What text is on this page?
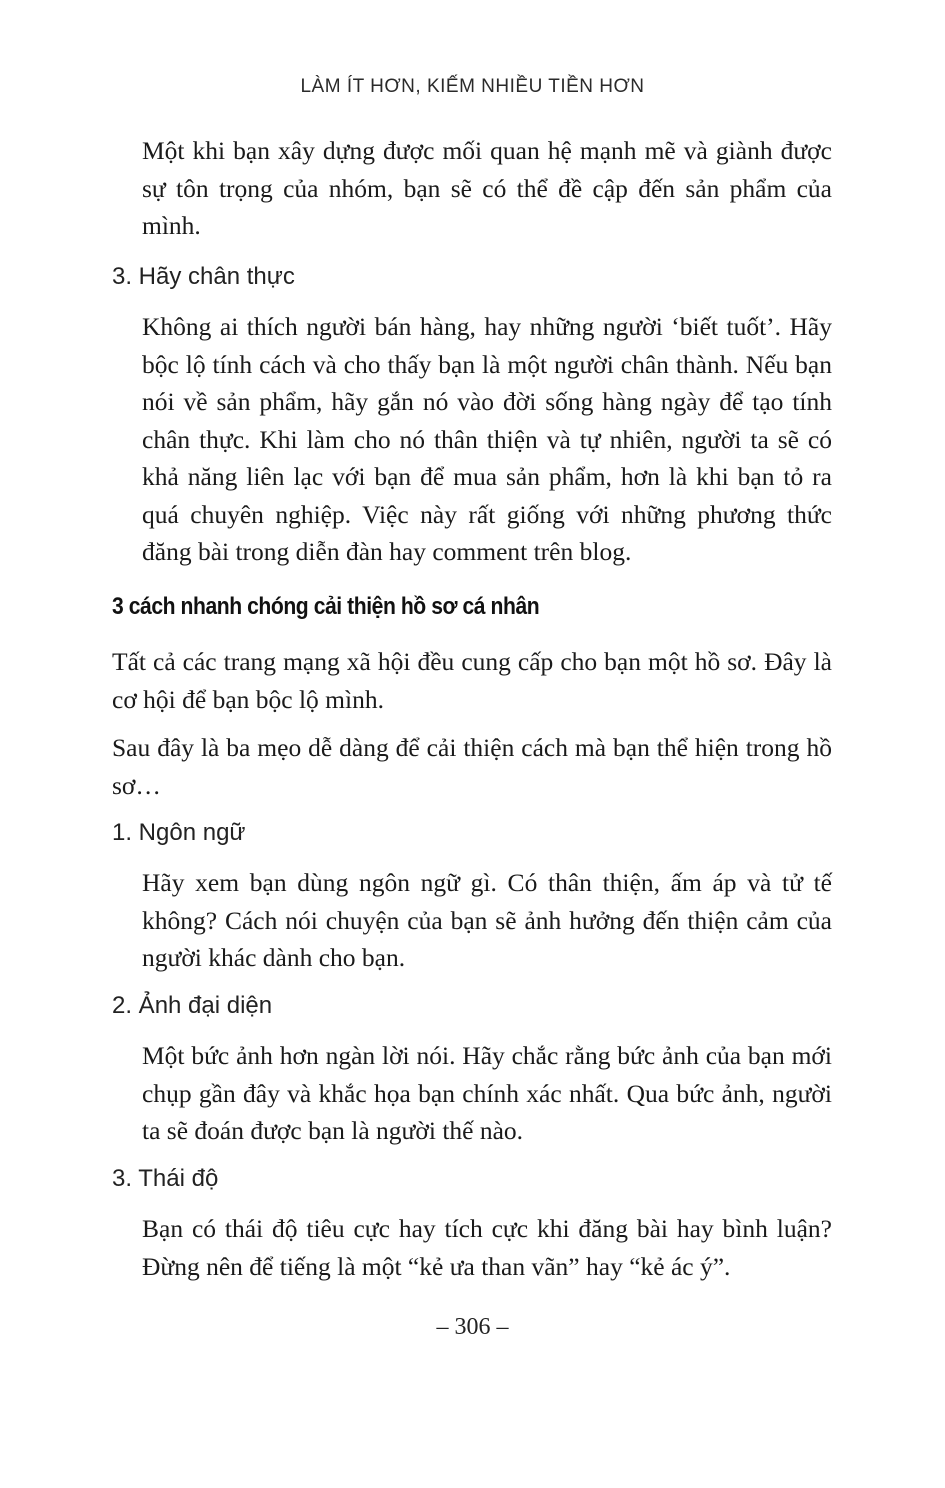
LÀM ÍT HƠN, KIẾM NHIỀU TIỀN HƠN

Một khi bạn xây dựng được mối quan hệ mạnh mẽ và giành được sự tôn trọng của nhóm, bạn sẽ có thể đề cập đến sản phẩm của mình.

3. Hãy chân thực

Không ai thích người bán hàng, hay những người ‘biết tuốt’. Hãy bộc lộ tính cách và cho thấy bạn là một người chân thành. Nếu bạn nói về sản phẩm, hãy gắn nó vào đời sống hàng ngày để tạo tính chân thực. Khi làm cho nó thân thiện và tự nhiên, người ta sẽ có khả năng liên lạc với bạn để mua sản phẩm, hơn là khi bạn tỏ ra quá chuyên nghiệp. Việc này rất giống với những phương thức đăng bài trong diễn đàn hay comment trên blog.

3 cách nhanh chóng cải thiện hồ sơ cá nhân

Tất cả các trang mạng xã hội đều cung cấp cho bạn một hồ sơ. Đây là cơ hội để bạn bộc lộ mình.

Sau đây là ba mẹo dễ dàng để cải thiện cách mà bạn thể hiện trong hồ sơ…

1. Ngôn ngữ

Hãy xem bạn dùng ngôn ngữ gì. Có thân thiện, ấm áp và tử tế không? Cách nói chuyện của bạn sẽ ảnh hưởng đến thiện cảm của người khác dành cho bạn.

2. Ảnh đại diện

Một bức ảnh hơn ngàn lời nói. Hãy chắc rằng bức ảnh của bạn mới chụp gần đây và khắc họa bạn chính xác nhất. Qua bức ảnh, người ta sẽ đoán được bạn là người thế nào.

3. Thái độ

Bạn có thái độ tiêu cực hay tích cực khi đăng bài hay bình luận? Đừng nên để tiếng là một “kẻ ưa than vãn” hay “kẻ ác ý”.

– 306 –
